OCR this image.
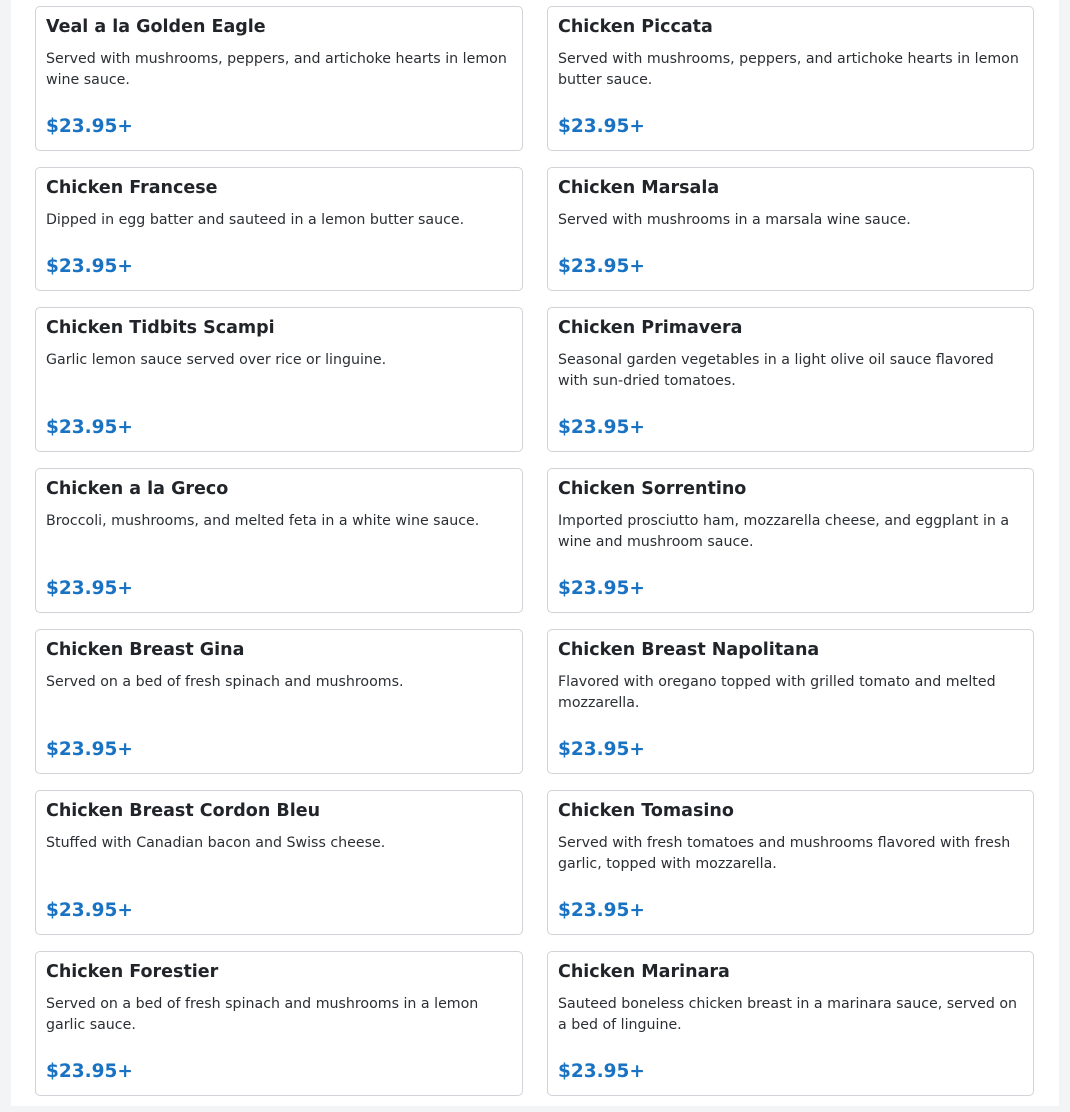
Veal a la Golden Eagle
Served with mushrooms, peppers, and artichoke hearts in lemon wine sauce.
$23.95+
Chicken Piccata
Served with mushrooms, peppers, and artichoke hearts in lemon butter sauce.
$23.95+
Chicken Francese
Dipped in egg batter and sauteed in a lemon butter sauce.
$23.95+
Chicken Marsala
Served with mushrooms in a marsala wine sauce.
$23.95+
Chicken Tidbits Scampi
Garlic lemon sauce served over rice or linguine.
$23.95+
Chicken Primavera
Seasonal garden vegetables in a light olive oil sauce flavored with sun-dried tomatoes.
$23.95+
Chicken a la Greco
Broccoli, mushrooms, and melted feta in a white wine sauce.
$23.95+
Chicken Sorrentino
Imported prosciutto ham, mozzarella cheese, and eggplant in a wine and mushroom sauce.
$23.95+
Chicken Breast Gina
Served on a bed of fresh spinach and mushrooms.
$23.95+
Chicken Breast Napolitana
Flavored with oregano topped with grilled tomato and melted mozzarella.
$23.95+
Chicken Breast Cordon Bleu
Stuffed with Canadian bacon and Swiss cheese.
$23.95+
Chicken Tomasino
Served with fresh tomatoes and mushrooms flavored with fresh garlic, topped with mozzarella.
$23.95+
Chicken Forestier
Served on a bed of fresh spinach and mushrooms in a lemon garlic sauce.
$23.95+
Chicken Marinara
Sauteed boneless chicken breast in a marinara sauce, served on a bed of linguine.
$23.95+
